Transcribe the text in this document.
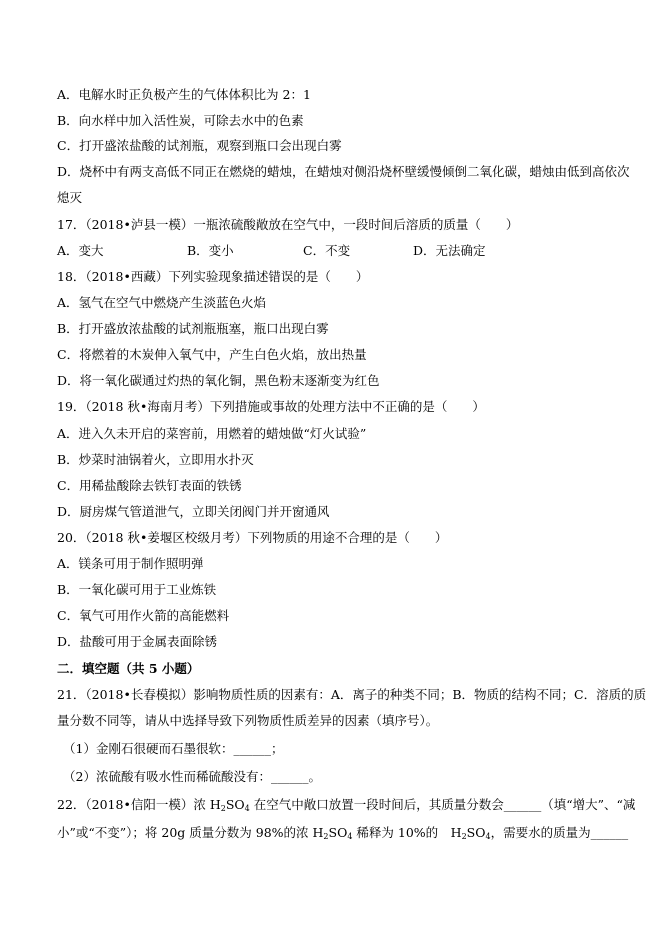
A．电解水时正负极产生的气体体积比为 2：1
B．向水样中加入活性炭，可除去水中的色素
C．打开盛浓盐酸的试剂瓶，观察到瓶口会出现白雾
D．烧杯中有两支高低不同正在燃烧的蜡烛，在蜡烛对侧沿烧杯壁缓慢倾倒二氧化碳，蜡烛由低到高依次
熄灭
17．（2018•泸县一模）一瓶浓硫酸敞放在空气中，一段时间后溶质的质量（　　）
A．变大	B．变小	C．不变	D．无法确定
18．（2018•西藏）下列实验现象描述错误的是（　　）
A．氢气在空气中燃烧产生淡蓝色火焰
B．打开盛放浓盐酸的试剂瓶瓶塞，瓶口出现白雾
C．将燃着的木炭伸入氧气中，产生白色火焰，放出热量
D．将一氧化碳通过灼热的氧化铜，黑色粉末逐渐变为红色
19．（2018 秋•海南月考）下列措施或事故的处理方法中不正确的是（　　）
A．进入久未开启的菜窖前，用燃着的蜡烛做“灯火试验”
B．炒菜时油锅着火，立即用水扑灭
C．用稀盐酸除去铁钉表面的铁锈
D．厨房煤气管道泄气，立即关闭阀门并开窗通风
20．（2018 秋•姜堰区校级月考）下列物质的用途不合理的是（　　）
A．镁条可用于制作照明弹
B．一氧化碳可用于工业炼铁
C．氧气可用作火箭的高能燃料
D．盐酸可用于金属表面除锈
二．填空题（共 5 小题）
21．（2018•长春模拟）影响物质性质的因素有：A．离子的种类不同；B．物质的结构不同；C．溶质的质
量分数不同等，请从中选择导致下列物质性质差异的因素（填序号）。
（1）金刚石很硬而石墨很软：______；
（2）浓硫酸有吸水性而稀硫酸没有：______。
22．（2018•信阳一模）浓 $H_2SO_4$ 在空气中敞口放置一段时间后，其质量分数会______（填“增大”、“减
小”或“不变”）；将 20g 质量分数为 98%的浓 $H_2SO_4$ 稀释为 10%的　$H_2SO_4$，需要水的质量为______
